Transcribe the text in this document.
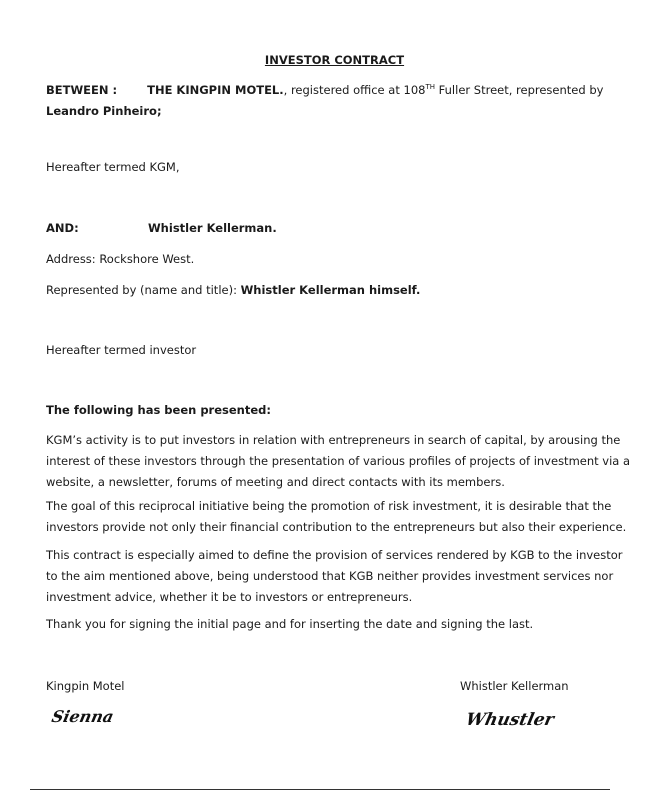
INVESTOR CONTRACT
BETWEEN :	THE KINGPIN MOTEL., registered office at 108TH Fuller Street, represented by Leandro Pinheiro;
Hereafter termed KGM,
AND:	Whistler Kellerman.
Address: Rockshore West.
Represented by (name and title): Whistler Kellerman himself.
Hereafter termed investor
The following has been presented:
KGM’s activity is to put investors in relation with entrepreneurs in search of capital, by arousing the interest of these investors through the presentation of various profiles of projects of investment via a website, a newsletter, forums of meeting and direct contacts with its members.
The goal of this reciprocal initiative being the promotion of risk investment, it is desirable that the investors provide not only their financial contribution to the entrepreneurs but also their experience.
This contract is especially aimed to define the provision of services rendered by KGB to the investor to the aim mentioned above, being understood that KGB neither provides investment services nor investment advice, whether it be to investors or entrepreneurs.
Thank you for signing the initial page and for inserting the date and signing the last.
Kingpin Motel	Whistler Kellerman
Sienna	Whustler
